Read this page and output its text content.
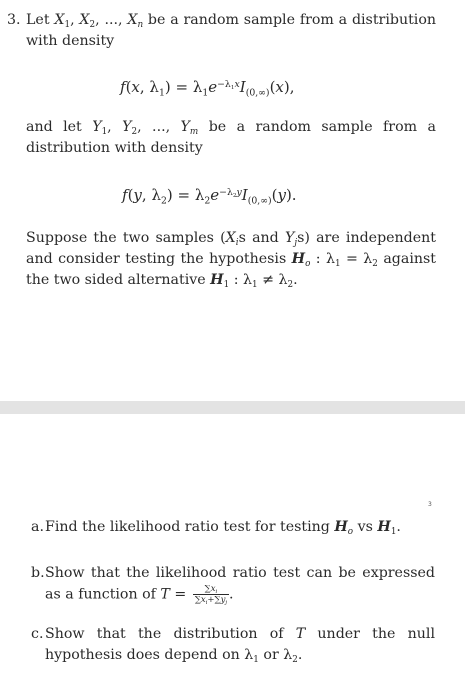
3. Let $X_1$, $X_2$, ..., $X_n$ be a random sample from a distribution with density
f(x, $\lambda_1) = \lambda_1e^{-\lambda_1x}I_{(0,\infty)}(x)$,
and let $Y_1$, $Y_2$, ..., $Y_m$ be a random sample from a distribution with density
f(y, $\lambda_2) = \lambda_2e^{-\lambda_2y}I_{(0,\infty)}(y)$.
Suppose the two samples ($X_is$ and $Y_js$) are independent and consider testing the hypothesis $H_o$ : $\lambda_1 = \lambda_2$ against the two sided alternative $H_1$ : $\lambda_1 \ne \lambda_2$.
3
a. Find the likelihood ratio test for testing $H_o$ vs $H_1$.
b. Show that the likelihood ratio test can be expressed as a function of $T = \frac{\sum x_i}{\sum x_i+\sum y_j}$ .
c. Show that the distribution of T under the null hypothesis does depend on $\lambda_1$ or $\lambda_2$.
